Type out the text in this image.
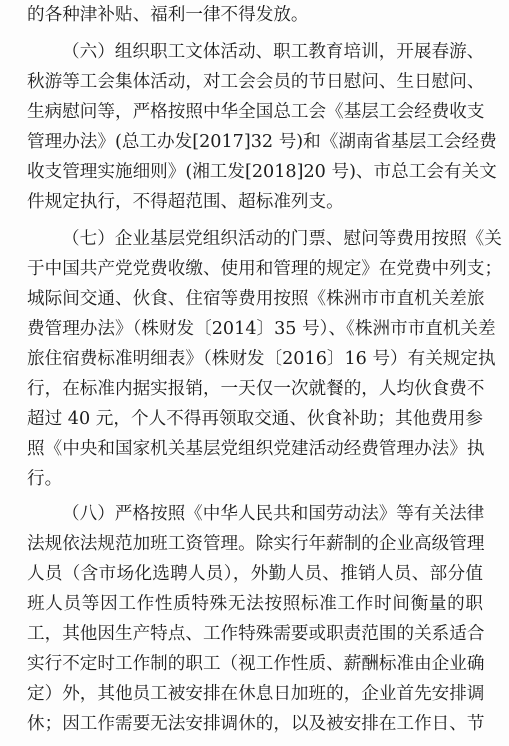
的各种津补贴、福利一律不得发放。

（六）组织职工文体活动、职工教育培训，开展春游、

秋游等工会集体活动，对工会会员的节日慰问、生日慰问、

生病慰问等，严格按照中华全国总工会《基层工会经费收支

管理办法》(总工办发[2017]32 号)和《湖南省基层工会经费

收支管理实施细则》(湘工发[2018]20 号)、市总工会有关文

件规定执行，不得超范围、超标准列支。

（七）企业基层党组织活动的门票、慰问等费用按照《关

于中国共产党党费收缴、使用和管理的规定》在党费中列支；

城际间交通、伙食、住宿等费用按照《株洲市市直机关差旅

费管理办法》（株财发〔2014〕35 号）、《株洲市市直机关差

旅住宿费标准明细表》（株财发〔2016〕16 号）有关规定执

行，在标准内据实报销，一天仅一次就餐的，人均伙食费不

超过 40 元，个人不得再领取交通、伙食补助；其他费用参

照《中央和国家机关基层党组织党建活动经费管理办法》执

行。

（八）严格按照《中华人民共和国劳动法》等有关法律

法规依法规范加班工资管理。除实行年薪制的企业高级管理

人员（含市场化选聘人员），外勤人员、推销人员、部分值

班人员等因工作性质特殊无法按照标准工作时间衡量的职

工，其他因生产特点、工作特殊需要或职责范围的关系适合

实行不定时工作制的职工（视工作性质、薪酬标准由企业确

定）外，其他员工被安排在休息日加班的，企业首先安排调

休；因工作需要无法安排调休的，以及被安排在工作日、节
